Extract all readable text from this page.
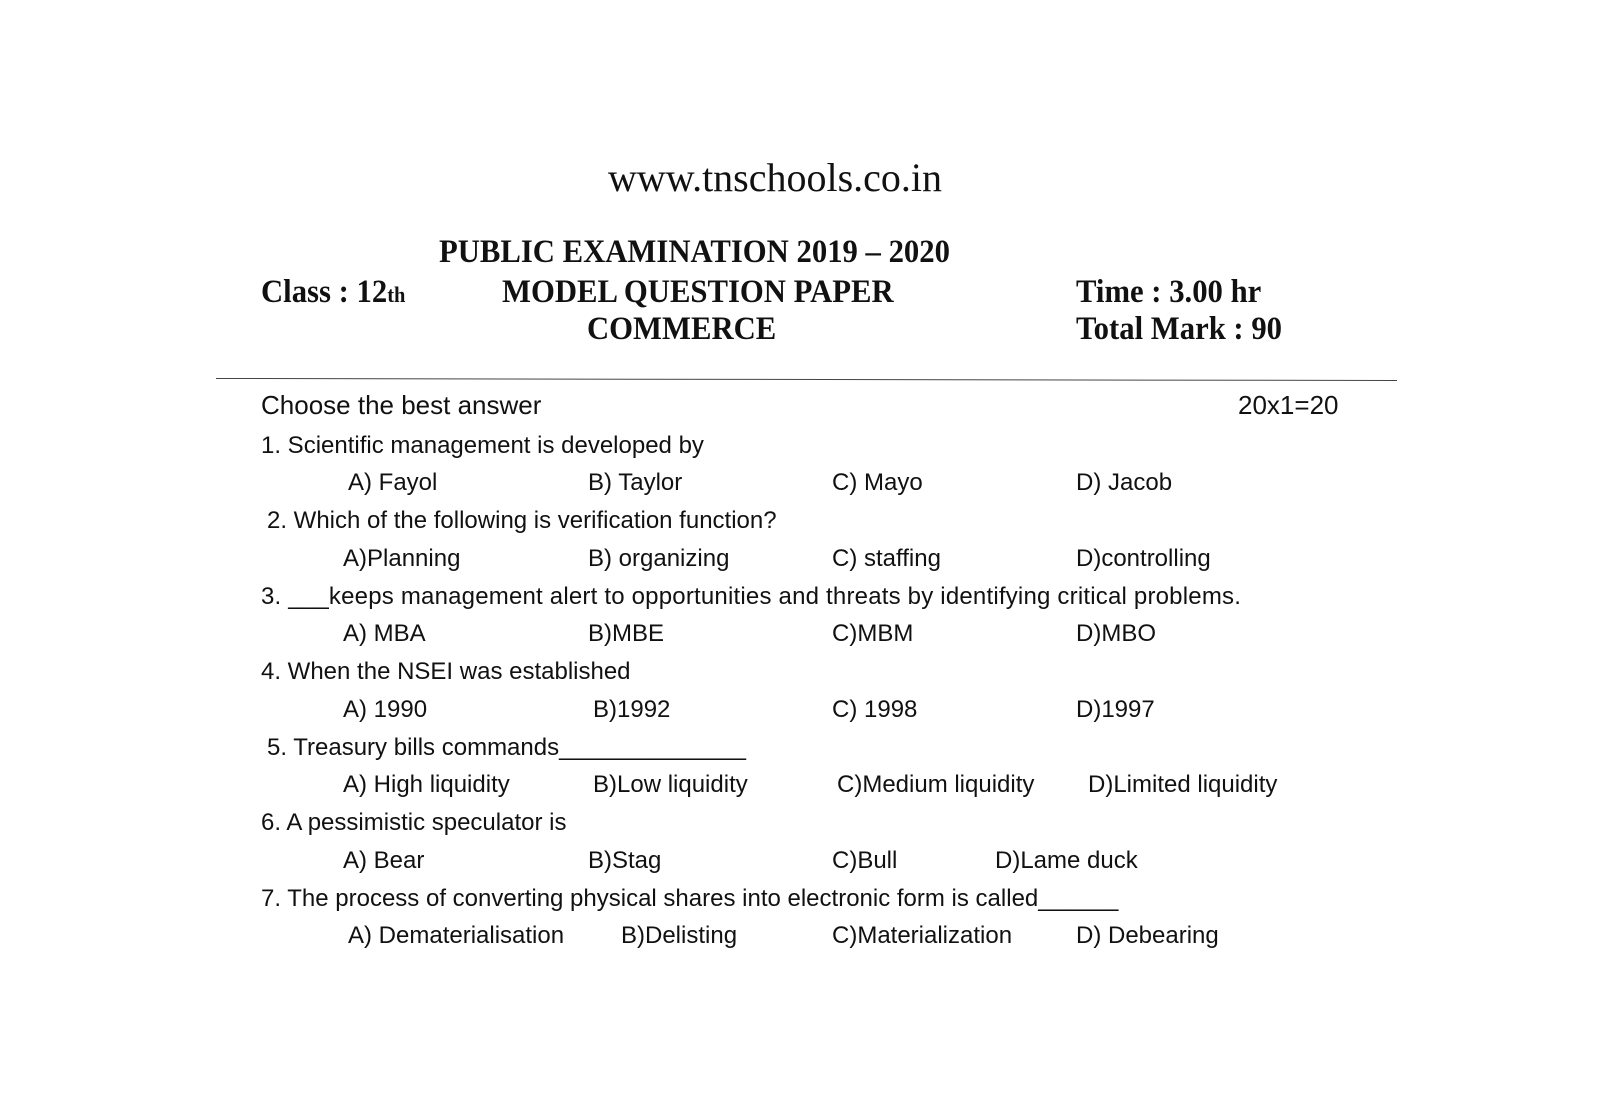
www.tnschools.co.in
PUBLIC EXAMINATION 2019 – 2020
Class : 12th	MODEL QUESTION PAPER
COMMERCE
Time : 3.00 hr
Total Mark : 90
Choose the best answer	20x1=20
1. Scientific management is developed by
A) Fayol	B) Taylor	C) Mayo	D) Jacob
2. Which of the following is verification function?
A)Planning	B) organizing	C) staffing	D)controlling
3. ___keeps management alert to opportunities and threats by identifying critical problems.
A) MBA	B)MBE	C)MBM	D)MBO
4. When the NSEI was established
A) 1990	B)1992	C) 1998	D)1997
5. Treasury bills commands______________
A) High liquidity	B)Low liquidity	C)Medium liquidity D)Limited liquidity
6. A pessimistic speculator is
A) Bear	B)Stag	C)Bull	D)Lame duck
7. The process of converting physical shares into electronic form is called______
A) Dematerialisation B)Delisting	C)Materialization	D) Debearing
